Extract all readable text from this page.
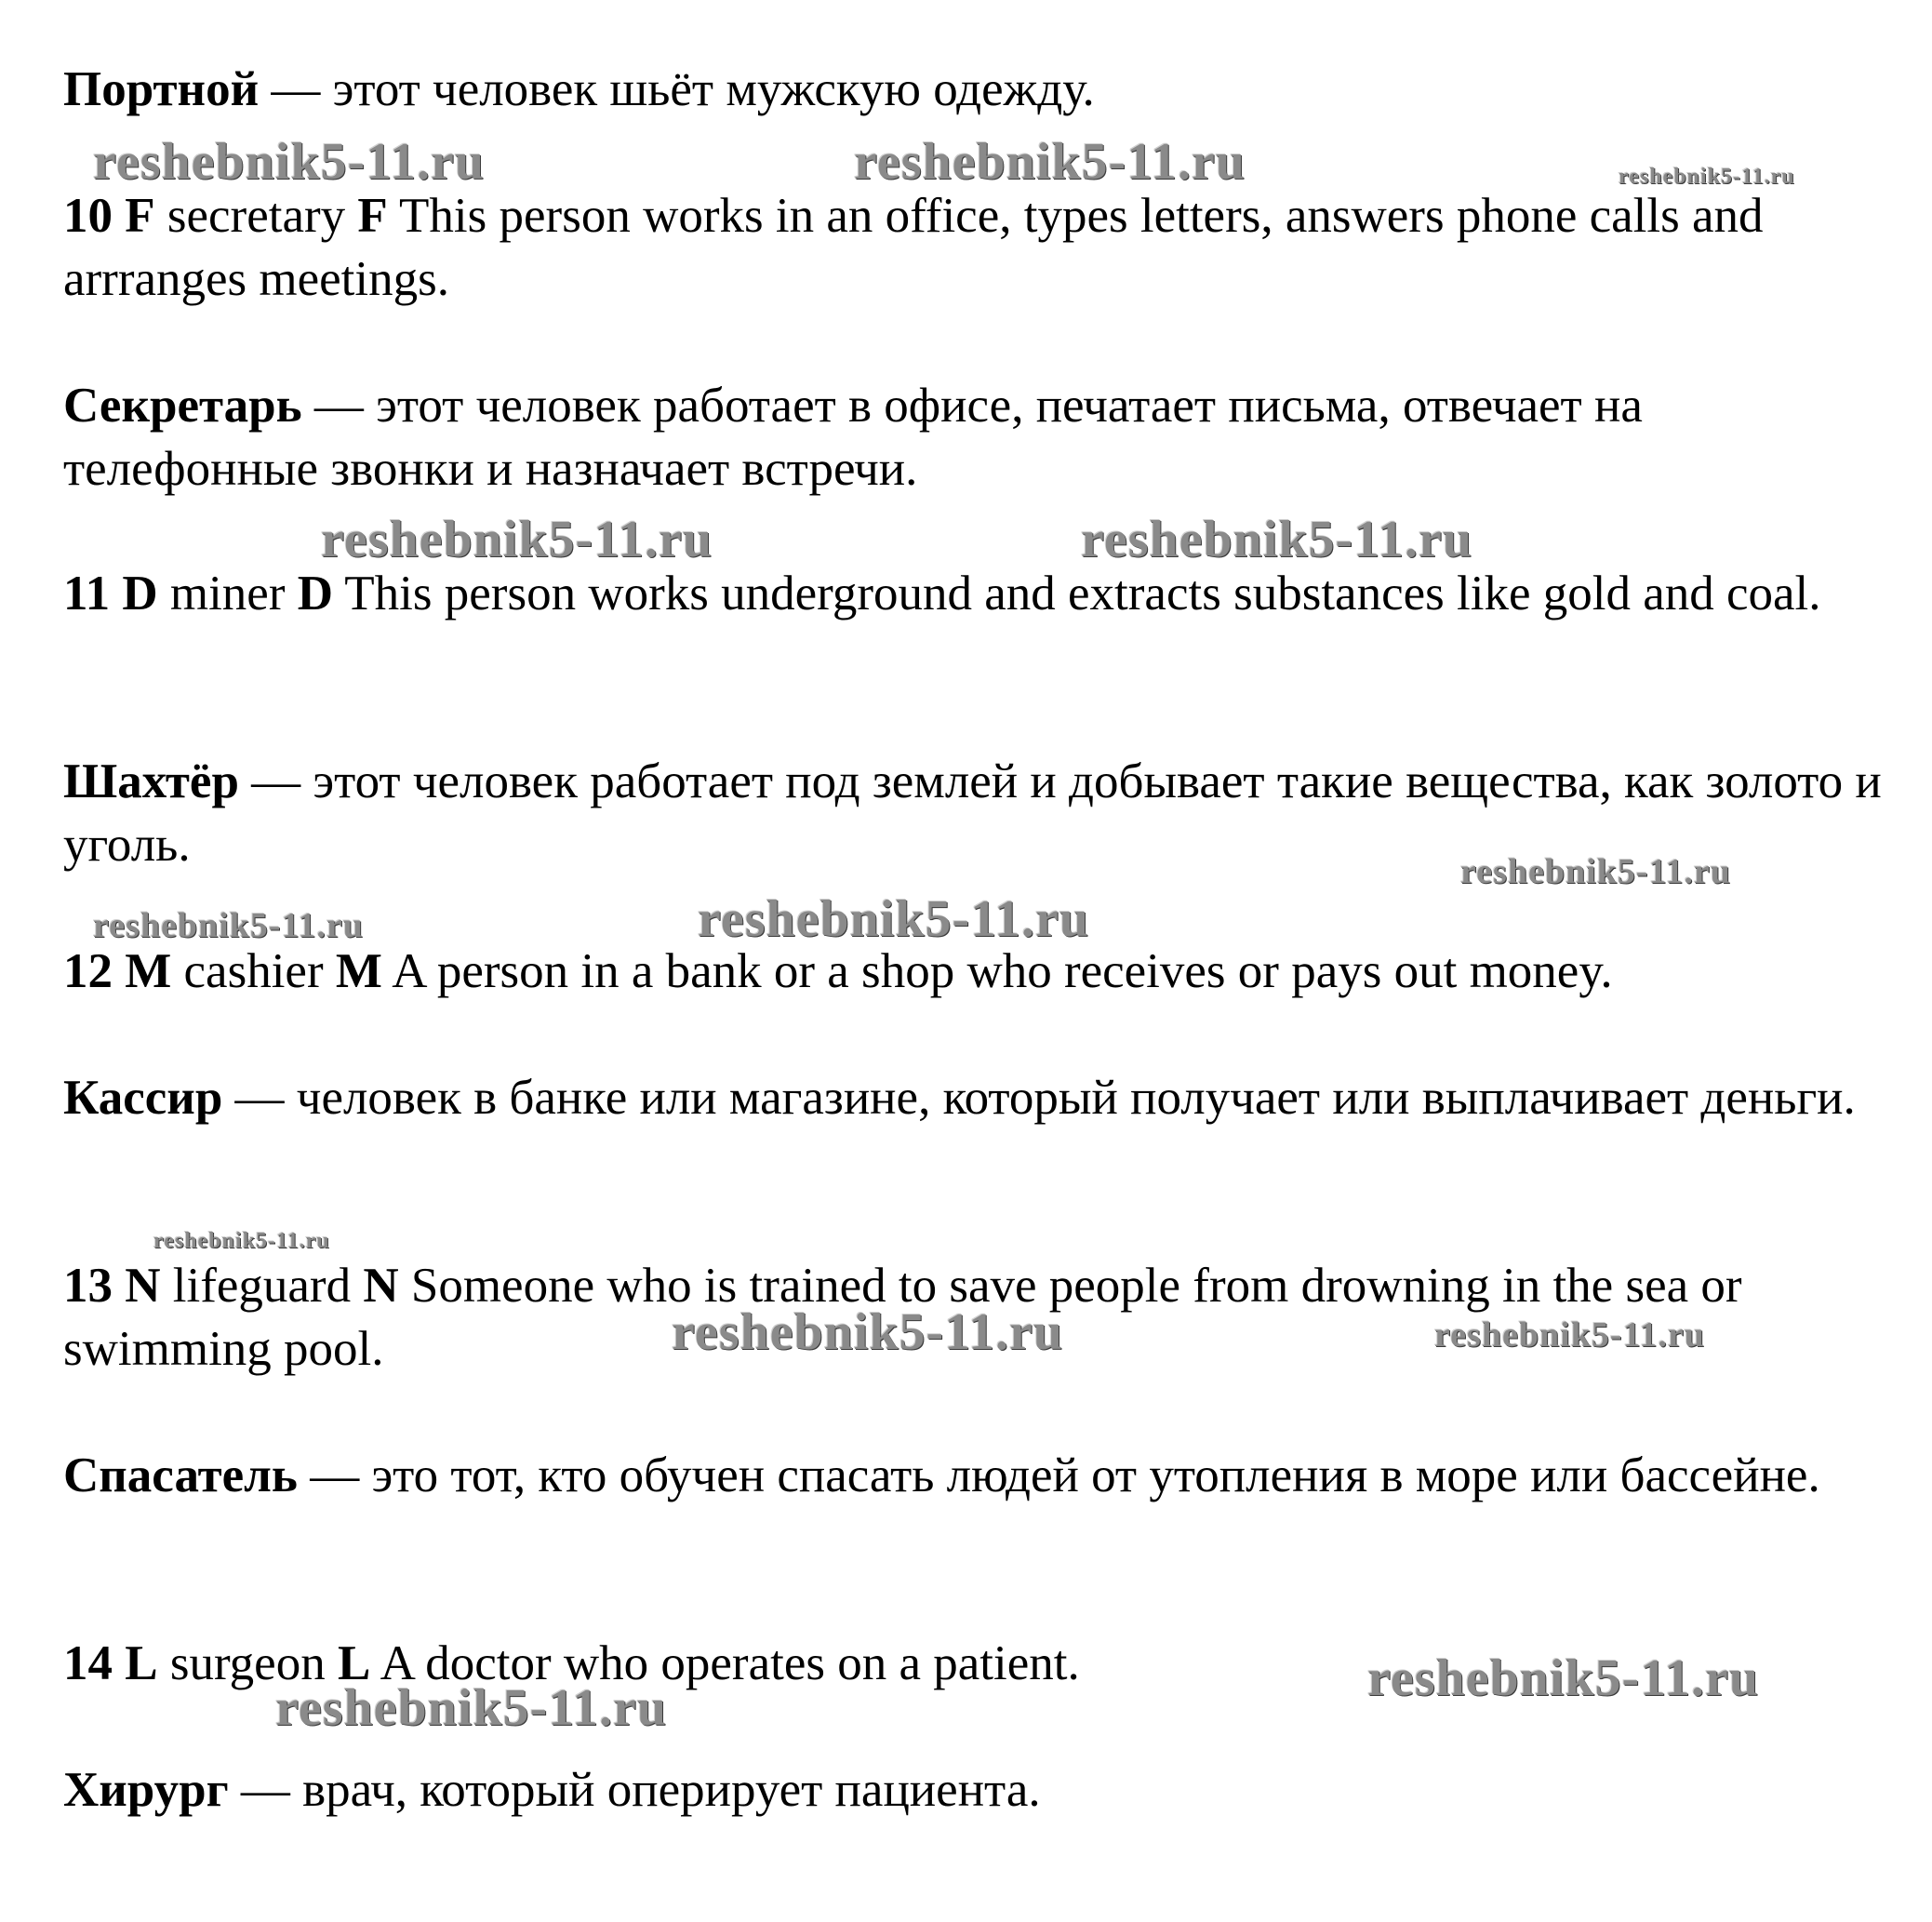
Портной — этот человек шьёт мужскую одежду.

10 F secretary F This person works in an office, types letters, answers phone calls and arrranges meetings.

Секретарь — этот человек работает в офисе, печатает письма, отвечает на телефонные звонки и назначает встречи.

11 D miner D This person works underground and extracts substances like gold and coal.

Шахтёр — этот человек работает под землей и добывает такие вещества, как золото и уголь.

12 M cashier M A person in a bank or a shop who receives or pays out money.

Кассир — человек в банке или магазине, который получает или выплачивает деньги.

13 N lifeguard N Someone who is trained to save people from drowning in the sea or swimming pool.

Спасатель — это тот, кто обучен спасать людей от утопления в море или бассейне.

14 L surgeon L A doctor who operates on a patient.

Хирург — врач, который оперирует пациента.

reshebnik5-11.ru	reshebnik5-11.ru	reshebnik5-11.ru
reshebnik5-11.ru	reshebnik5-11.ru
reshebnik5-11.ru
reshebnik5-11.ru	reshebnik5-11.ru
reshebnik5-11.ru
reshebnik5-11.ru	reshebnik5-11.ru
reshebnik5-11.ru
reshebnik5-11.ru
